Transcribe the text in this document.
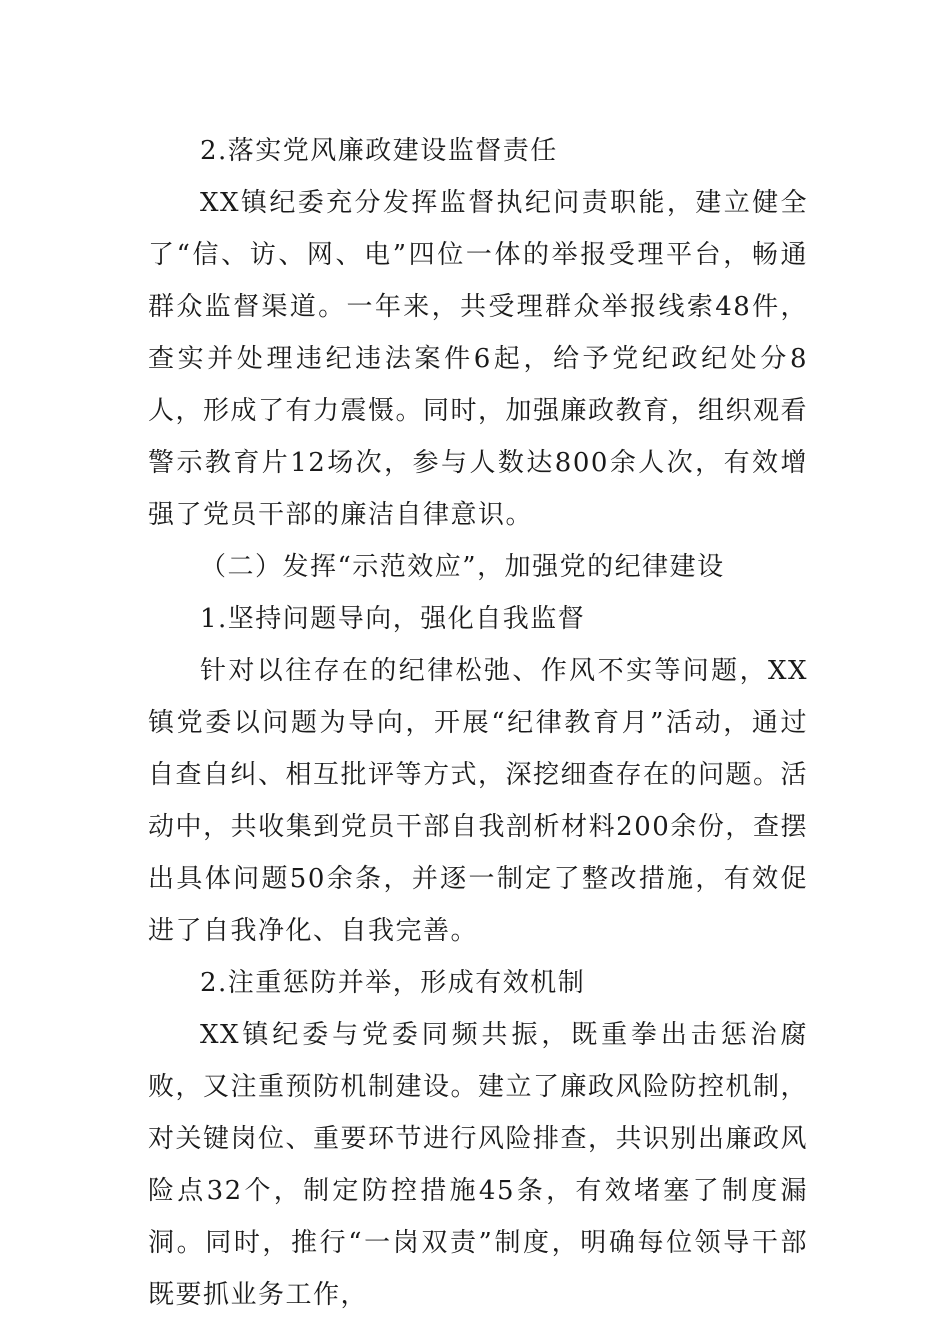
2.落实党风廉政建设监督责任

XX镇纪委充分发挥监督执纪问责职能，建立健全了“信、访、网、电”四位一体的举报受理平台，畅通群众监督渠道。一年来，共受理群众举报线索48件，查实并处理违纪违法案件6起，给予党纪政纪处分8人，形成了有力震慑。同时，加强廉政教育，组织观看警示教育片12场次，参与人数达800余人次，有效增强了党员干部的廉洁自律意识。

（二）发挥“示范效应”，加强党的纪律建设

1.坚持问题导向，强化自我监督

针对以往存在的纪律松弛、作风不实等问题，XX镇党委以问题为导向，开展“纪律教育月”活动，通过自查自纠、相互批评等方式，深挖细查存在的问题。活动中，共收集到党员干部自我剖析材料200余份，查摆出具体问题50余条，并逐一制定了整改措施，有效促进了自我净化、自我完善。

2.注重惩防并举，形成有效机制

XX镇纪委与党委同频共振，既重拳出击惩治腐败，又注重预防机制建设。建立了廉政风险防控机制，对关键岗位、重要环节进行风险排查，共识别出廉政风险点32个，制定防控措施45条，有效堵塞了制度漏洞。同时，推行“一岗双责”制度，明确每位领导干部既要抓业务工作，
